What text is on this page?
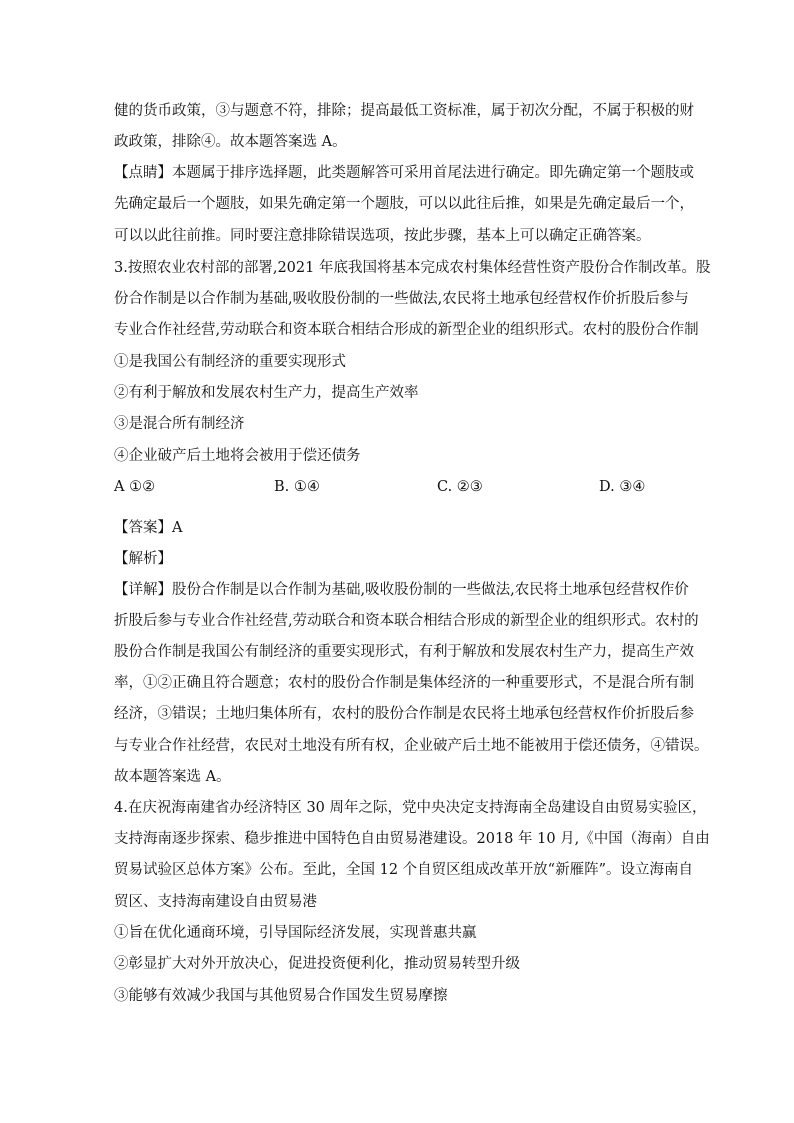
健的货币政策，③与题意不符，排除；提高最低工资标准，属于初次分配，不属于积极的财
政政策，排除④。故本题答案选 A。
【点睛】本题属于排序选择题，此类题解答可采用首尾法进行确定。即先确定第一个题肢或
先确定最后一个题肢，如果先确定第一个题肢，可以以此往后推，如果是先确定最后一个，
可以以此往前推。同时要注意排除错误选项，按此步骤，基本上可以确定正确答案。
3.按照农业农村部的部署,2021 年底我国将基本完成农村集体经营性资产股份合作制改革。股
份合作制是以合作制为基础,吸收股份制的一些做法,农民将土地承包经营权作价折股后参与
专业合作社经营,劳动联合和资本联合相结合形成的新型企业的组织形式。农村的股份合作制
①是我国公有制经济的重要实现形式
②有利于解放和发展农村生产力，提高生产效率
③是混合所有制经济
④企业破产后土地将会被用于偿还债务
A ①②	B. ①④	C. ②③	D. ③④
【答案】A
【解析】
【详解】股份合作制是以合作制为基础,吸收股份制的一些做法,农民将土地承包经营权作价
折股后参与专业合作社经营,劳动联合和资本联合相结合形成的新型企业的组织形式。农村的
股份合作制是我国公有制经济的重要实现形式，有利于解放和发展农村生产力，提高生产效
率，①②正确且符合题意；农村的股份合作制是集体经济的一种重要形式，不是混合所有制
经济，③错误；土地归集体所有，农村的股份合作制是农民将土地承包经营权作价折股后参
与专业合作社经营，农民对土地没有所有权，企业破产后土地不能被用于偿还债务，④错误。
故本题答案选 A。
4.在庆祝海南建省办经济特区 30 周年之际，党中央决定支持海南全岛建设自由贸易实验区，
支持海南逐步探索、稳步推进中国特色自由贸易港建设。2018 年 10 月,《中国（海南）自由
贸易试验区总体方案》公布。至此，全国 12 个自贸区组成改革开放“新雁阵”。设立海南自
贸区、支持海南建设自由贸易港
①旨在优化通商环境，引导国际经济发展，实现普惠共赢
②彰显扩大对外开放决心，促进投资便利化，推动贸易转型升级
③能够有效减少我国与其他贸易合作国发生贸易摩擦
